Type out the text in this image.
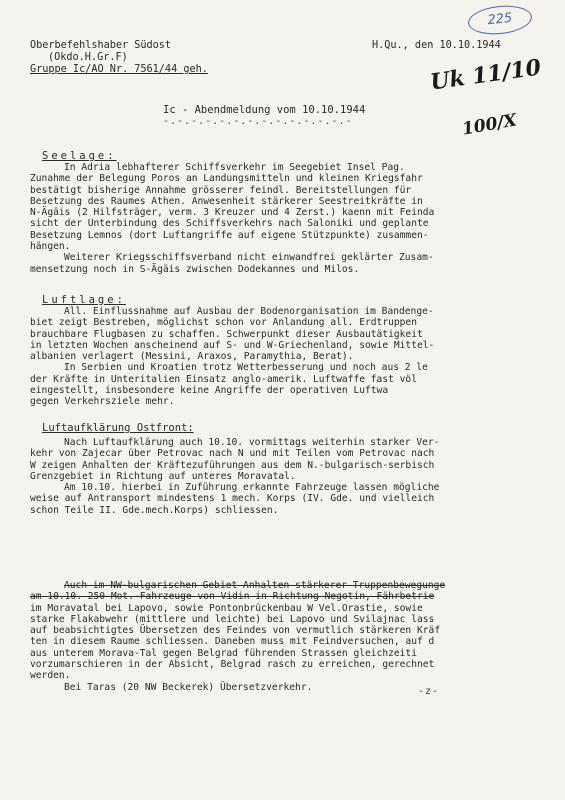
225
Oberbefehlshaber Südost
(Okdo.H.Gr.F)
Gruppe Ic/AO Nr. 7561/44 geh.
H.Qu., den 10.10.1944
Uk 11/10
100/X
Ic - Abendmeldung vom 10.10.1944
-.-.-.-.-.-.-.-.-.-.-.-.-.-
Seelage:
In Adria lebhafterer Schiffsverkehr im Seegebiet Insel Pag.
Zunahme der Belegung Poros an Landungsmitteln und kleinen Kriegsfahr
bestätigt bisherige Annahme grösserer feindl. Bereitstellungen für
Besetzung des Raumes Athen. Anwesenheit stärkerer Seestreitkräfte in
N-Ägäis (2 Hilfsträger, verm. 3 Kreuzer und 4 Zerst.) kaenn mit Feinda
sicht der Unterbindung des Schiffsverkehrs nach Saloniki und geplante
Besetzung Lemnos (dort Luftangriffe auf eigene Stützpunkte) zusammen-
hängen.
Weiterer Kriegsschiffsverband nicht einwandfrei geklärter Zusam-
mensetzung noch in S-Ägäis zwischen Dodekannes und Milos.
Luftlage:
All. Einflussnahme auf Ausbau der Bodenorganisation im Bandenge-
biet zeigt Bestreben, möglichst schon vor Anlandung all. Erdtruppen
brauchbare Flugbasen zu schaffen. Schwerpunkt dieser Ausbautätigkeit
in letzten Wochen anscheinend auf S- und W-Griechenland, sowie Mittel-
albanien verlagert (Messini, Araxos, Paramythia, Berat).
In Serbien und Kroatien trotz Wetterbesserung und noch aus 2 le
der Kräfte in Unteritalien Einsatz anglo-amerik. Luftwaffe fast völ
eingestellt, insbesondere keine Angriffe der operativen Luftwa
gegen Verkehrsziele mehr.
Luftaufklärung Ostfront:
Nach Luftaufklärung auch 10.10. vormittags weiterhin starker Ver-
kehr von Zajecar über Petrovac nach N und mit Teilen vom Petrovac nach
W zeigen Anhalten der Kräftezuführungen aus dem N.-bulgarisch-serbisch
Grenzgebiet in Richtung auf unteres Moravatal.
Am 10.10. hierbei in Zuführung erkannte Fahrzeuge lassen mögliche
weise auf Antransport mindestens 1 mech. Korps (IV. Gde. und vielleich
schon Teile II. Gde.mech.Korps) schliessen.
Auch im NW-bulgarischen Gebiet Anhalten stärkerer Truppenbewegunge
am 10.10. 250 Mot.-Fahrzeuge von Vidin in Richtung Negotin, Fährbetrie
im Moravatal bei Lapovo, sowie Pontonbrückenbau W Vel.Orastie, sowie
starke Flakabwehr (mittlere und leichte) bei Lapovo und Svilajnac lass
auf beabsichtigtes Übersetzen des Feindes von vermutlich stärkeren Kräf
ten in diesem Raume schliessen. Daneben muss mit Feindversuchen, auf d
aus unterem Morava-Tal gegen Belgrad führenden Strassen gleichzeiti
vorzumarschieren in der Absicht, Belgrad rasch zu erreichen, gerechnet
werden.
Bei Taras (20 NW Beckerek) Übersetzverkehr.	-z-
